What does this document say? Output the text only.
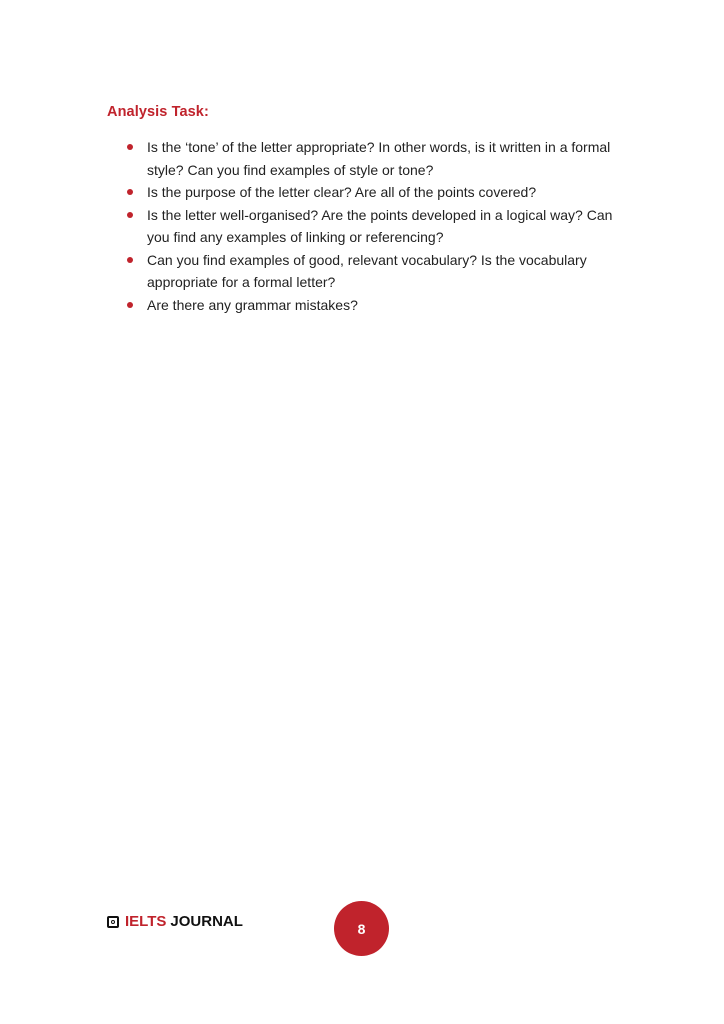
Analysis Task:
Is the ‘tone’ of the letter appropriate? In other words, is it written in a formal style? Can you find examples of style or tone?
Is the purpose of the letter clear? Are all of the points covered?
Is the letter well-organised? Are the points developed in a logical way? Can you find any examples of linking or referencing?
Can you find examples of good, relevant vocabulary? Is the vocabulary appropriate for a formal letter?
Are there any grammar mistakes?
IELTS JOURNAL	8
